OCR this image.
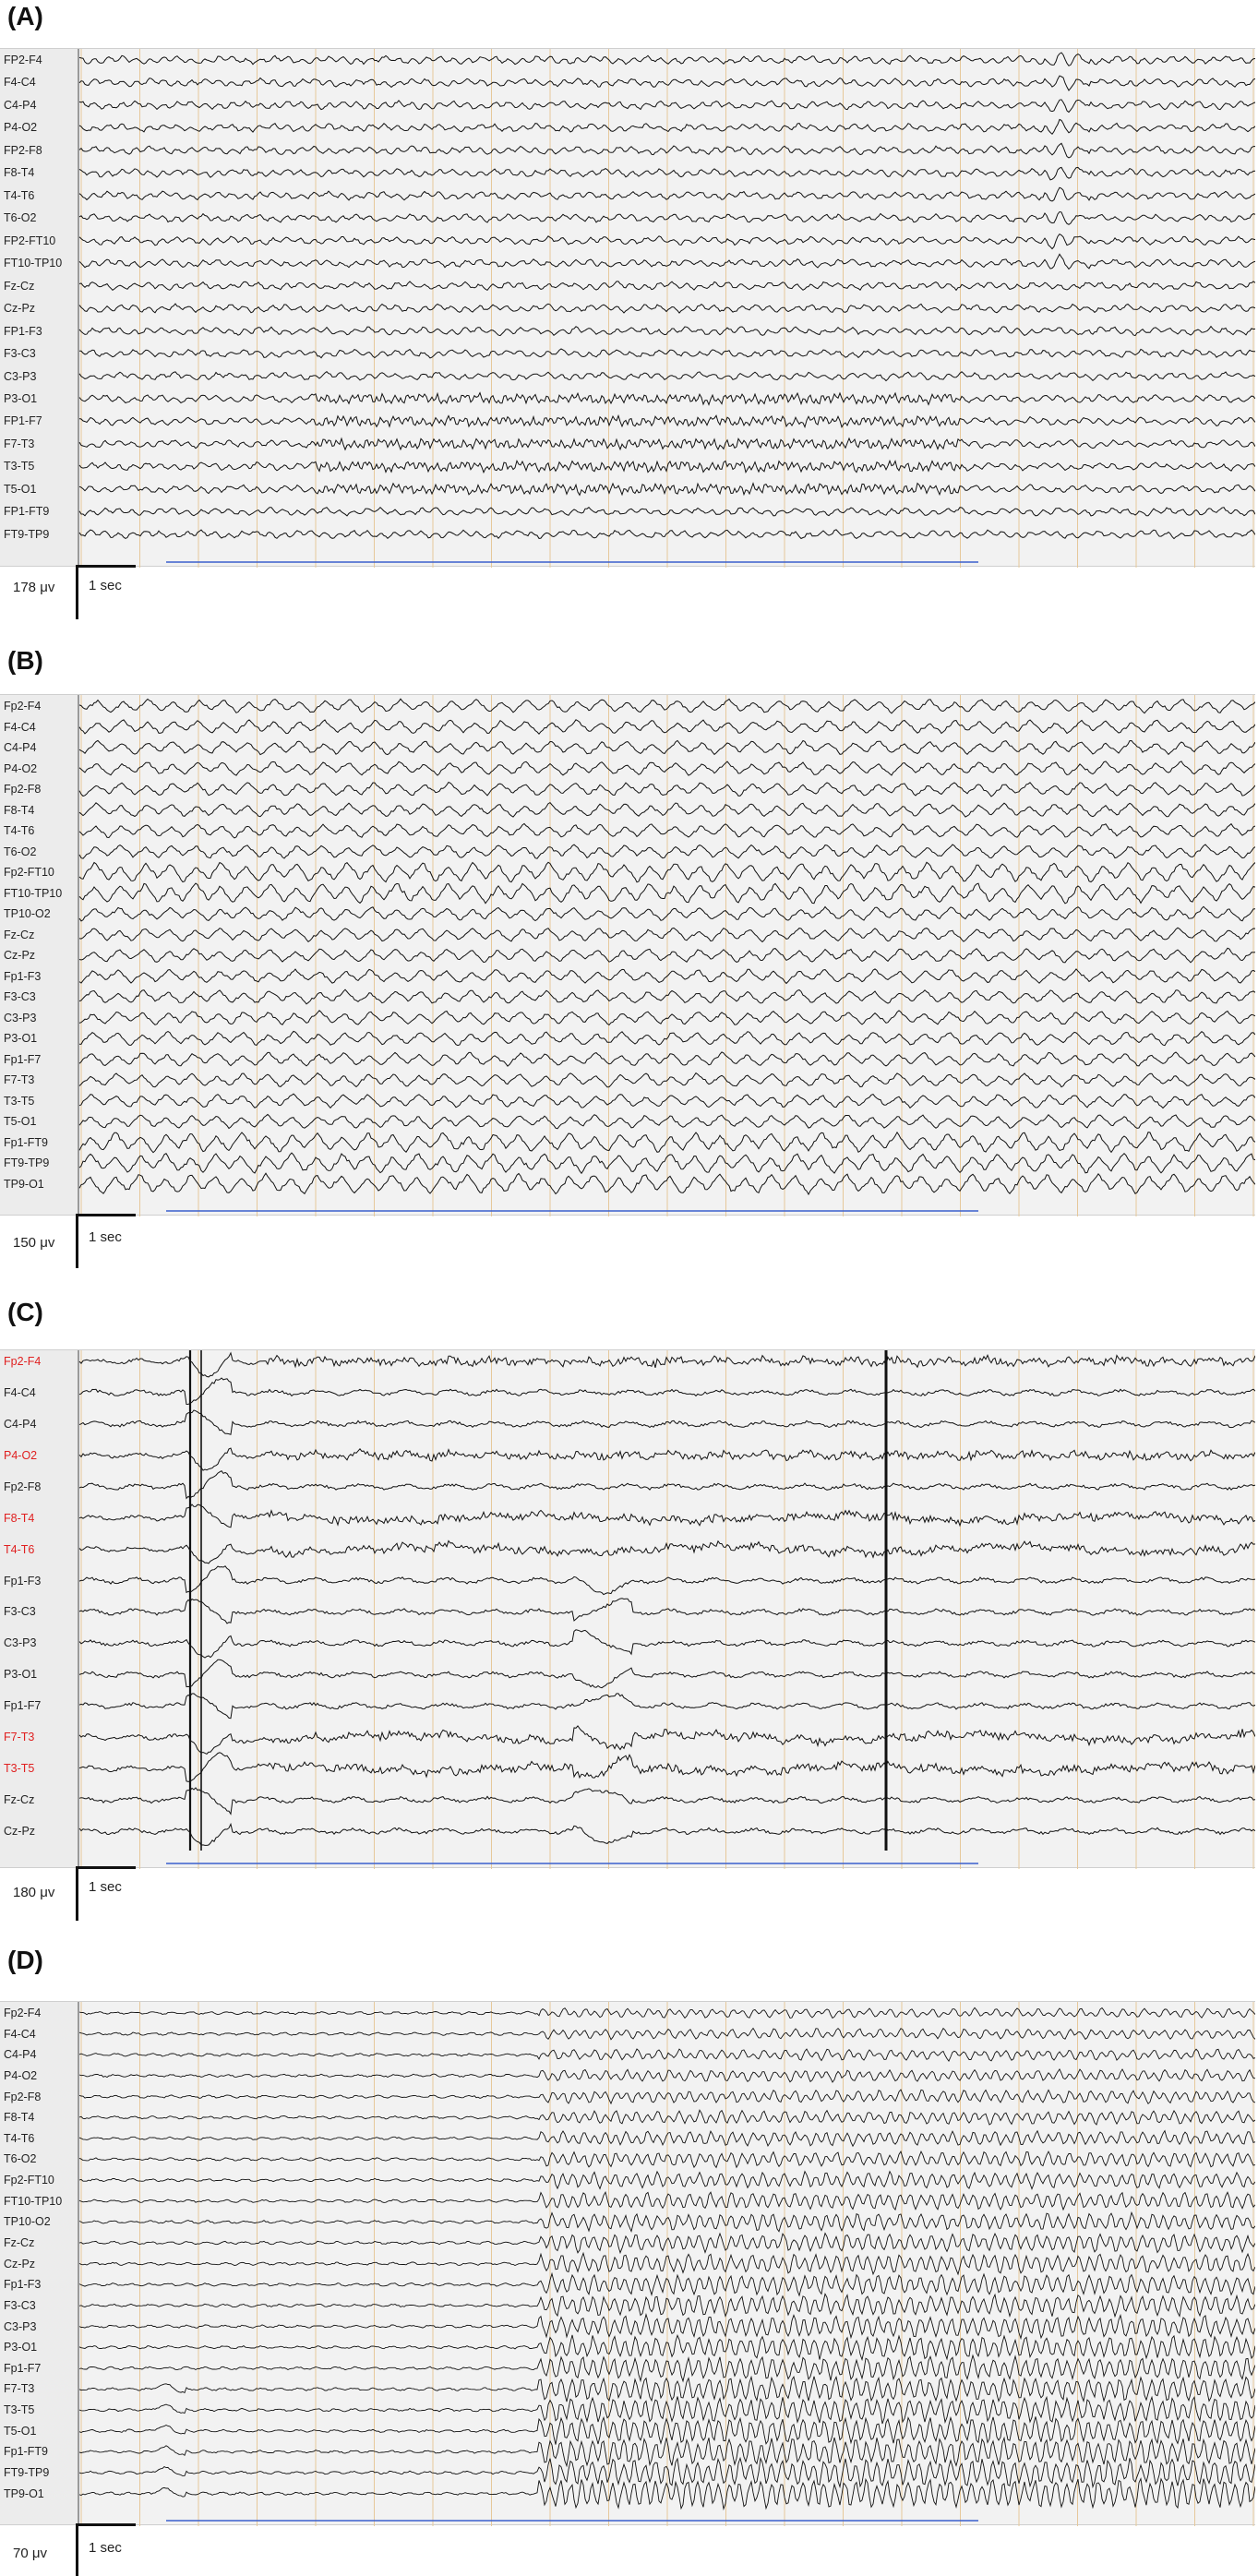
(A)
FP2-F4
F4-C4
C4-P4
P4-O2
FP2-F8
F8-T4
T4-T6
T6-O2
FP2-FT10
FT10-TP10
Fz-Cz
Cz-Pz
FP1-F3
F3-C3
C3-P3
P3-O1
FP1-F7
F7-T3
T3-T5
T5-O1
FP1-FT9
FT9-TP9
178 μv 1 sec
(B)
Fp2-F4
F4-C4
C4-P4
P4-O2
Fp2-F8
F8-T4
T4-T6
T6-O2
Fp2-FT10
FT10-TP10
TP10-O2
Fz-Cz
Cz-Pz
Fp1-F3
F3-C3
C3-P3
P3-O1
Fp1-F7
F7-T3
T3-T5
T5-O1
Fp1-FT9
FT9-TP9
TP9-O1
150 μv 1 sec
(C)
Fp2-F4
F4-C4
C4-P4
P4-O2
Fp2-F8
F8-T4
T4-T6
Fp1-F3
F3-C3
C3-P3
P3-O1
Fp1-F7
F7-T3
T3-T5
Fz-Cz
Cz-Pz
180 μv 1 sec
(D)
Fp2-F4
F4-C4
C4-P4
P4-O2
Fp2-F8
F8-T4
T4-T6
T6-O2
Fp2-FT10
FT10-TP10
TP10-O2
Fz-Cz
Cz-Pz
Fp1-F3
F3-C3
C3-P3
P3-O1
Fp1-F7
F7-T3
T3-T5
T5-O1
Fp1-FT9
FT9-TP9
TP9-O1
70 μv	1 sec
